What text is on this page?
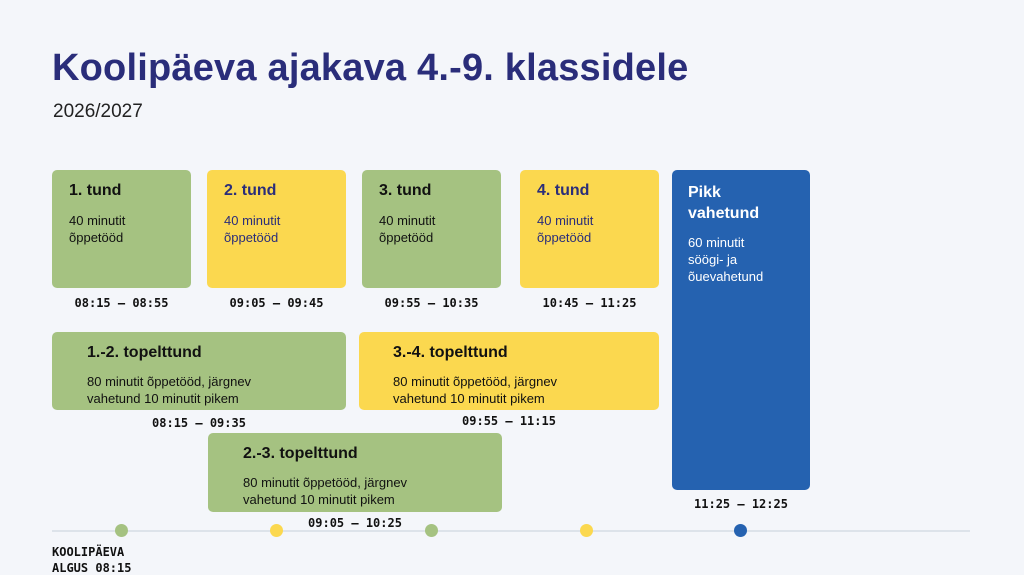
Koolipäeva ajakava 4.-9. klassidele
2026/2027
1. tund
40 minutit
õppetööd
08:15 – 08:55
2. tund
40 minutit
õppetööd
09:05 – 09:45
3. tund
40 minutit
õppetööd
09:55 – 10:35
4. tund
40 minutit
õppetööd
10:45 – 11:25
Pikk
vahetund
60 minutit
söögi- ja
õuevahetund
11:25 – 12:25
1.-2. topelttund
80 minutit õppetööd, järgnev
vahetund 10 minutit pikem
08:15 – 09:35
3.-4. topelttund
80 minutit õppetööd, järgnev
vahetund 10 minutit pikem
09:55 – 11:15
2.-3. topelttund
80 minutit õppetööd, järgnev
vahetund 10 minutit pikem
09:05 – 10:25
KOOLIPÄEVA
ALGUS 08:15
